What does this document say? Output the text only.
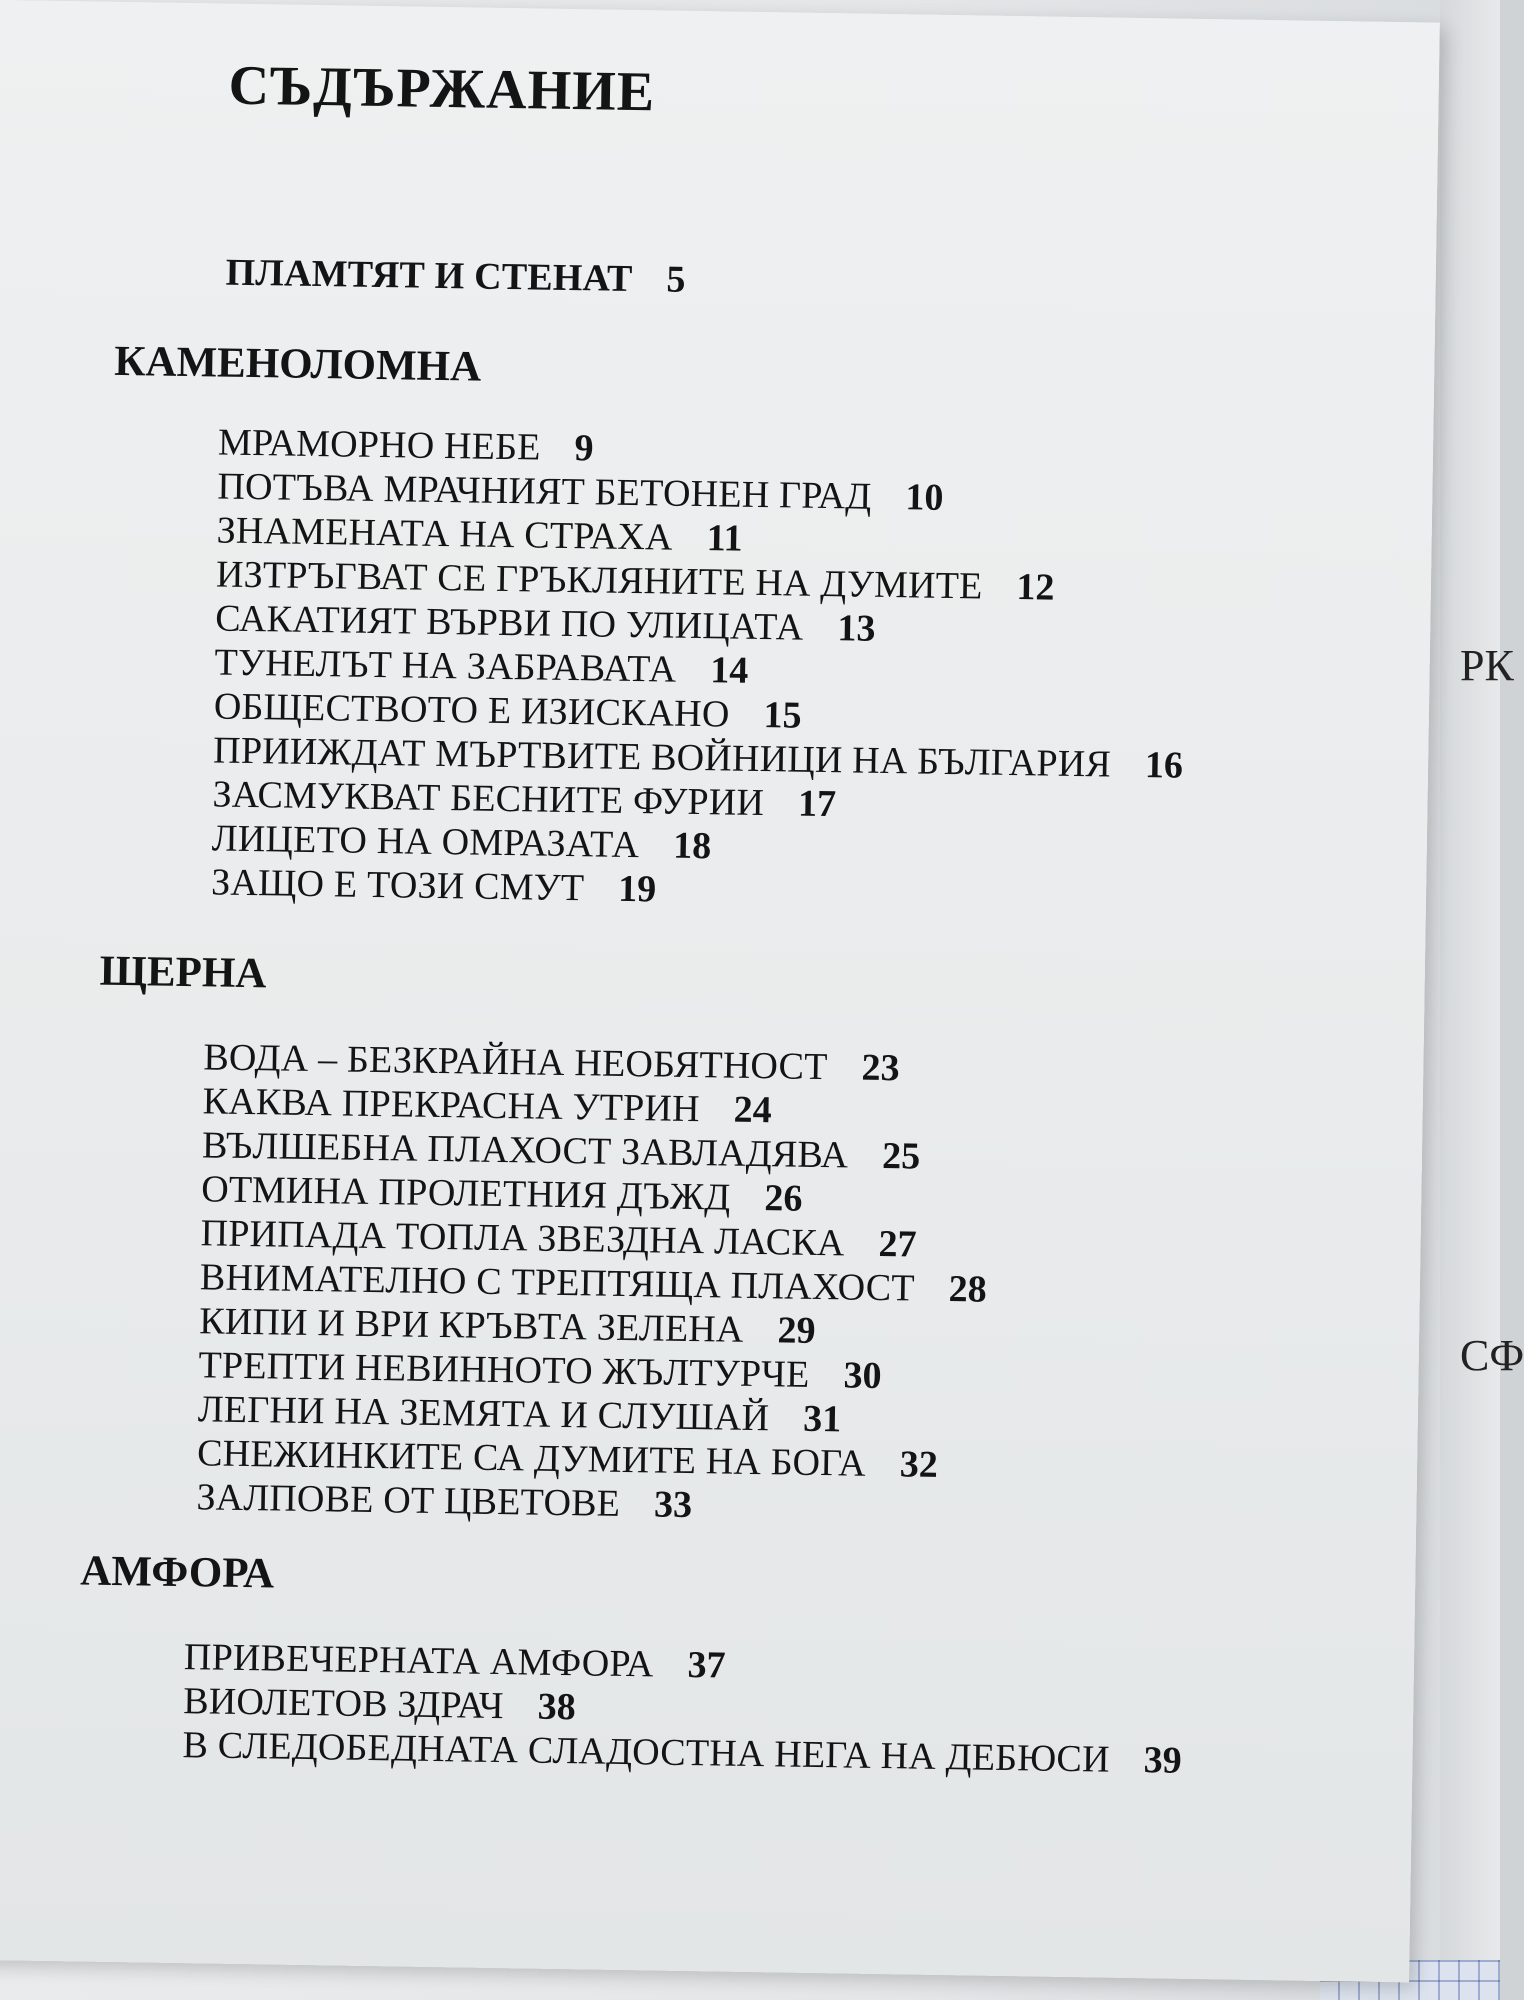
РК
СФ
СЪДЪРЖАНИЕ
ПЛАМТЯТ И СТЕНАТ 5
КАМЕНОЛОМНА
МРАМОРНО НЕБЕ 9
ПОТЪВА МРАЧНИЯТ БЕТОНЕН ГРАД 10
ЗНАМЕНАТА НА СТРАХА 11
ИЗТРЪГВАТ СЕ ГРЪКЛЯНИТЕ НА ДУМИТЕ 12
САКАТИЯТ ВЪРВИ ПО УЛИЦАТА 13
ТУНЕЛЪТ НА ЗАБРАВАТА 14
ОБЩЕСТВОТО Е ИЗИСКАНО 15
ПРИИЖДАТ МЪРТВИТЕ ВОЙНИЦИ НА БЪЛГАРИЯ 16
ЗАСМУКВАТ БЕСНИТЕ ФУРИИ 17
ЛИЦЕТО НА ОМРАЗАТА 18
ЗАЩО Е ТОЗИ СМУТ 19
ЩЕРНА
ВОДА – БЕЗКРАЙНА НЕОБЯТНОСТ 23
КАКВА ПРЕКРАСНА УТРИН 24
ВЪЛШЕБНА ПЛАХОСТ ЗАВЛАДЯВА 25
ОТМИНА ПРОЛЕТНИЯ ДЪЖД 26
ПРИПАДА ТОПЛА ЗВЕЗДНА ЛАСКА 27
ВНИМАТЕЛНО С ТРЕПТЯЩА ПЛАХОСТ 28
КИПИ И ВРИ КРЪВТА ЗЕЛЕНА 29
ТРЕПТИ НЕВИННОТО ЖЪЛТУРЧЕ 30
ЛЕГНИ НА ЗЕМЯТА И СЛУШАЙ 31
СНЕЖИНКИТЕ СА ДУМИТЕ НА БОГА 32
ЗАЛПОВЕ ОТ ЦВЕТОВЕ 33
АМФОРА
ПРИВЕЧЕРНАТА АМФОРА 37
ВИОЛЕТОВ ЗДРАЧ 38
В СЛЕДОБЕДНАТА СЛАДОСТНА НЕГА НА ДЕБЮСИ 39
